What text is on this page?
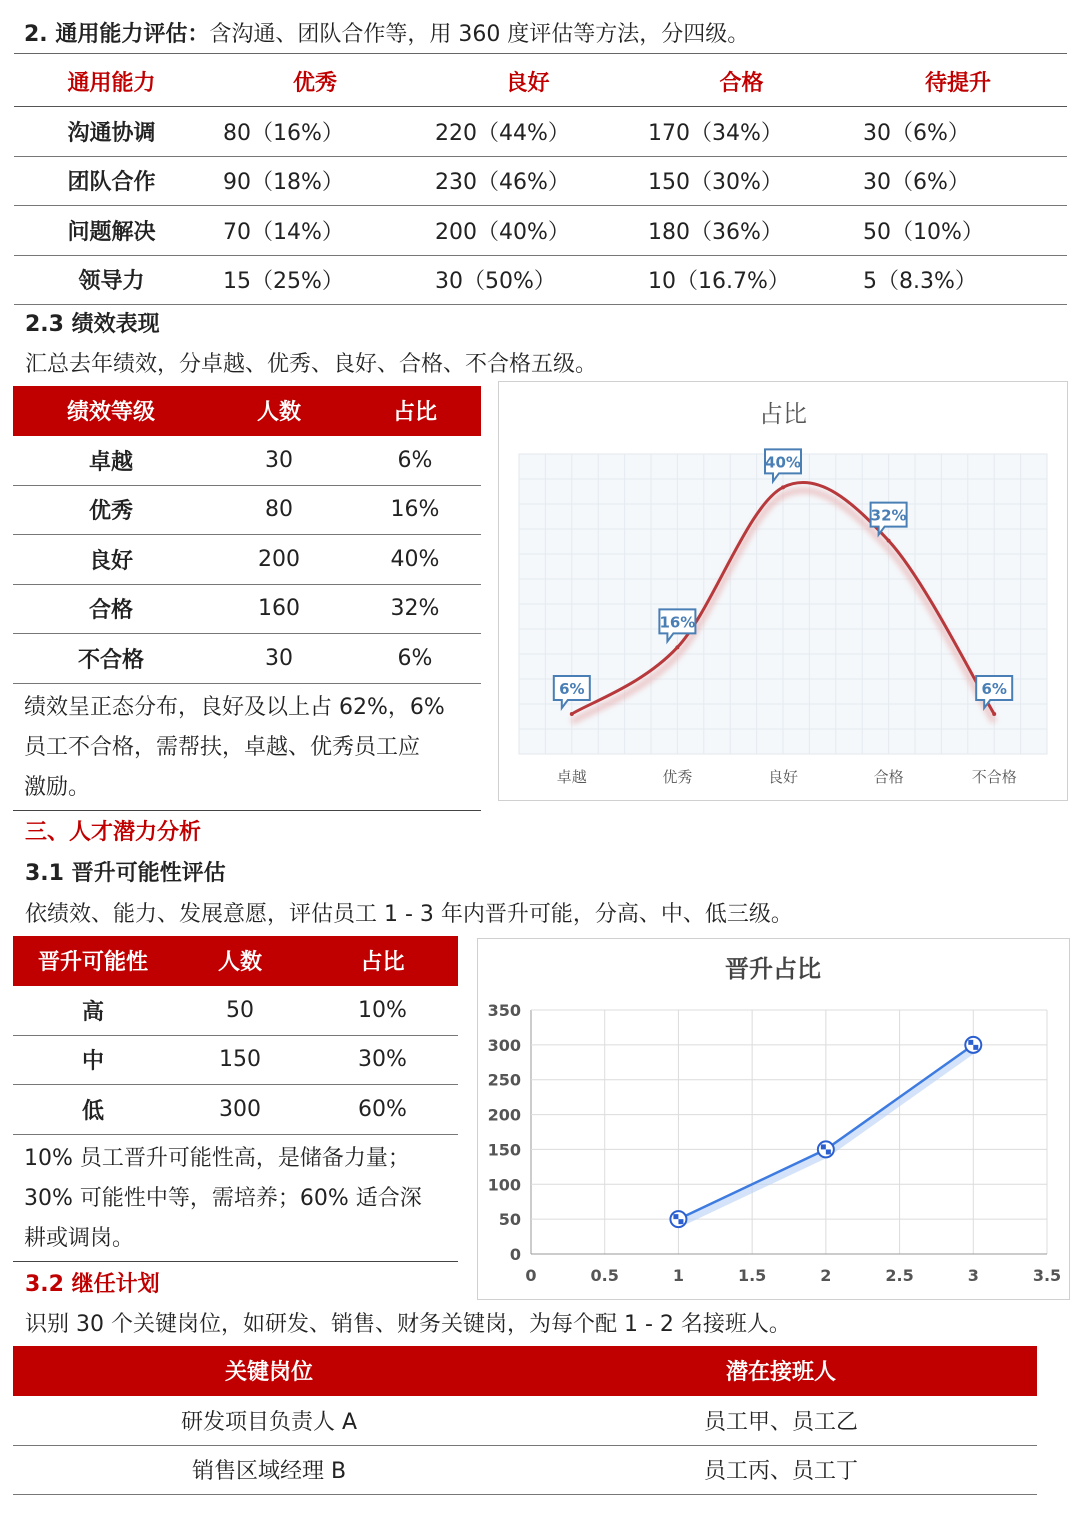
2. 通用能力评估：含沟通、团队合作等，用 360 度评估等方法，分四级。
通用能力	优秀	良好	合格	待提升
沟通协调	80（16%）	220（44%）	170（34%）	30（6%）
团队合作	90（18%）	230（46%）	150（30%）	30（6%）
问题解决	70（14%）	200（40%）	180（36%）	50（10%）
领导力	15（25%）	30（50%）	10（16.7%）	5（8.3%）
2.3 绩效表现
汇总去年绩效，分卓越、优秀、良好、合格、不合格五级。
绩效等级	人数	占比
卓越	30	6%
优秀	80	16%
良好	200	40%
合格	160	32%
不合格	30	6%
绩效呈正态分布，良好及以上占 62%，6%
员工不合格，需帮扶，卓越、优秀员工应
激励。
占比
6%
16%
40%
32%
6%
卓越	优秀	良好	合格	不合格
三、人才潜力分析
3.1 晋升可能性评估
依绩效、能力、发展意愿，评估员工 1 - 3 年内晋升可能，分高、中、低三级。
晋升可能性	人数	占比
高	50	10%
中	150	30%
低	300	60%
10% 员工晋升可能性高，是储备力量；
30% 可能性中等，需培养；60% 适合深
耕或调岗。
晋升占比
0	0.5	1	1.5	2	2.5	3	3.5
0
50
100
150
200
250
300
350
3.2 继任计划
识别 30 个关键岗位，如研发、销售、财务关键岗，为每个配 1 - 2 名接班人。
关键岗位	潜在接班人
研发项目负责人 A	员工甲、员工乙
销售区域经理 B	员工丙、员工丁
